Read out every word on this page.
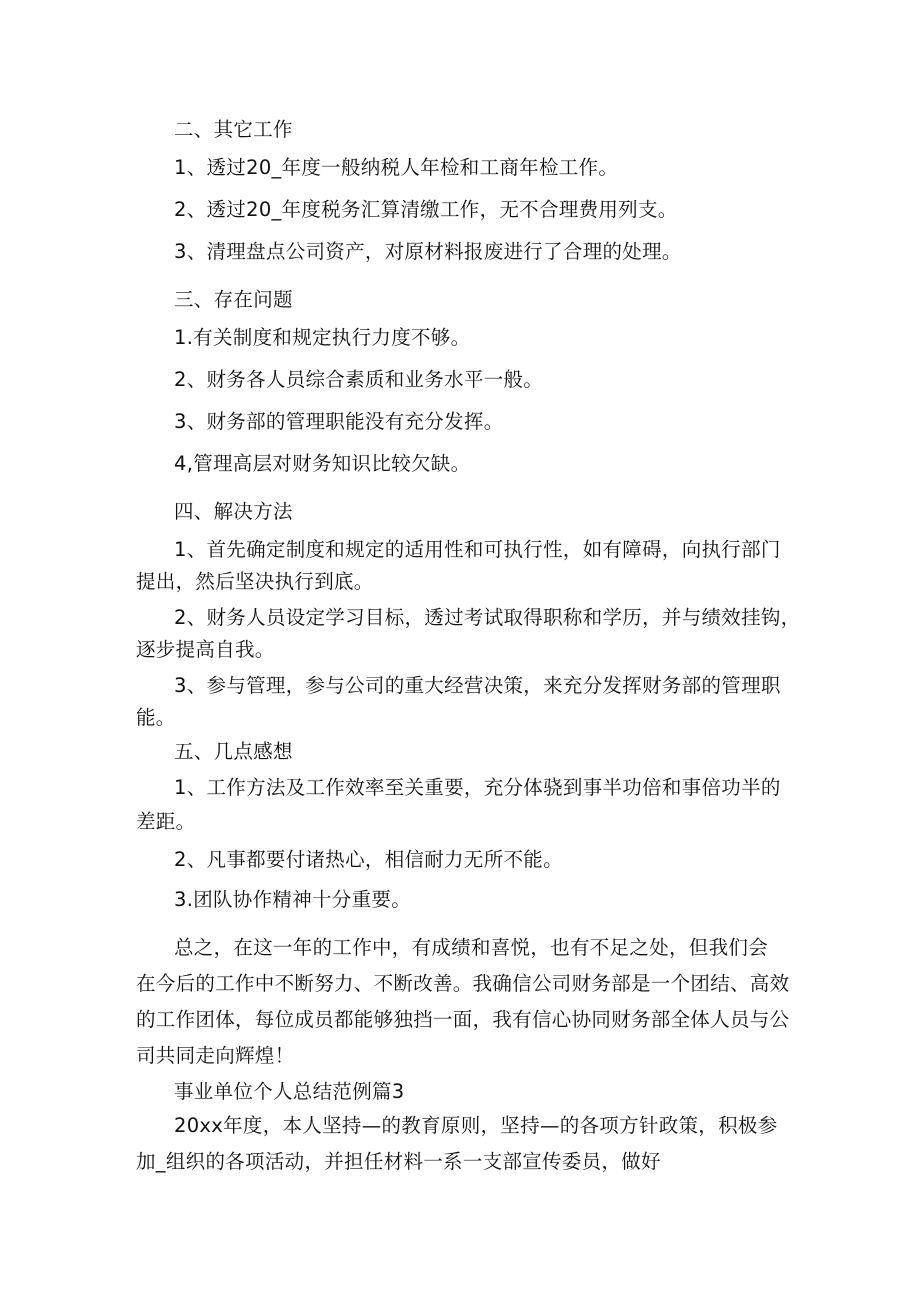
二、其它工作
1、透过20_年度一般纳税人年检和工商年检工作。
2、透过20_年度税务汇算清缴工作，无不合理费用列支。
3、清理盘点公司资产，对原材料报废进行了合理的处理。
三、存在问题
1.有关制度和规定执行力度不够。
2、财务各人员综合素质和业务水平一般。
3、财务部的管理职能没有充分发挥。
4,管理高层对财务知识比较欠缺。
四、解决方法
1、首先确定制度和规定的适用性和可执行性，如有障碍，向执行部门
提出，然后坚决执行到底。
2、财务人员设定学习目标，透过考试取得职称和学历，并与绩效挂钩，
逐步提高自我。
3、参与管理，参与公司的重大经营决策，来充分发挥财务部的管理职
能。
五、几点感想
1、工作方法及工作效率至关重要，充分体骁到事半功倍和事倍功半的
差距。
2、凡事都要付诸热心，相信耐力无所不能。
3.团队协作精神十分重要。
总之，在这一年的工作中，有成绩和喜悦，也有不足之处，但我们会
在今后的工作中不断努力、不断改善。我确信公司财务部是一个团结、高效
的工作团体，每位成员都能够独挡一面，我有信心协同财务部全体人员与公
司共同走向辉煌！
事业单位个人总结范例篇3
20xx年度，本人坚持—的教育原则，坚持—的各项方针政策，积极参
加_组织的各项活动，并担任材料一系一支部宣传委员，做好
